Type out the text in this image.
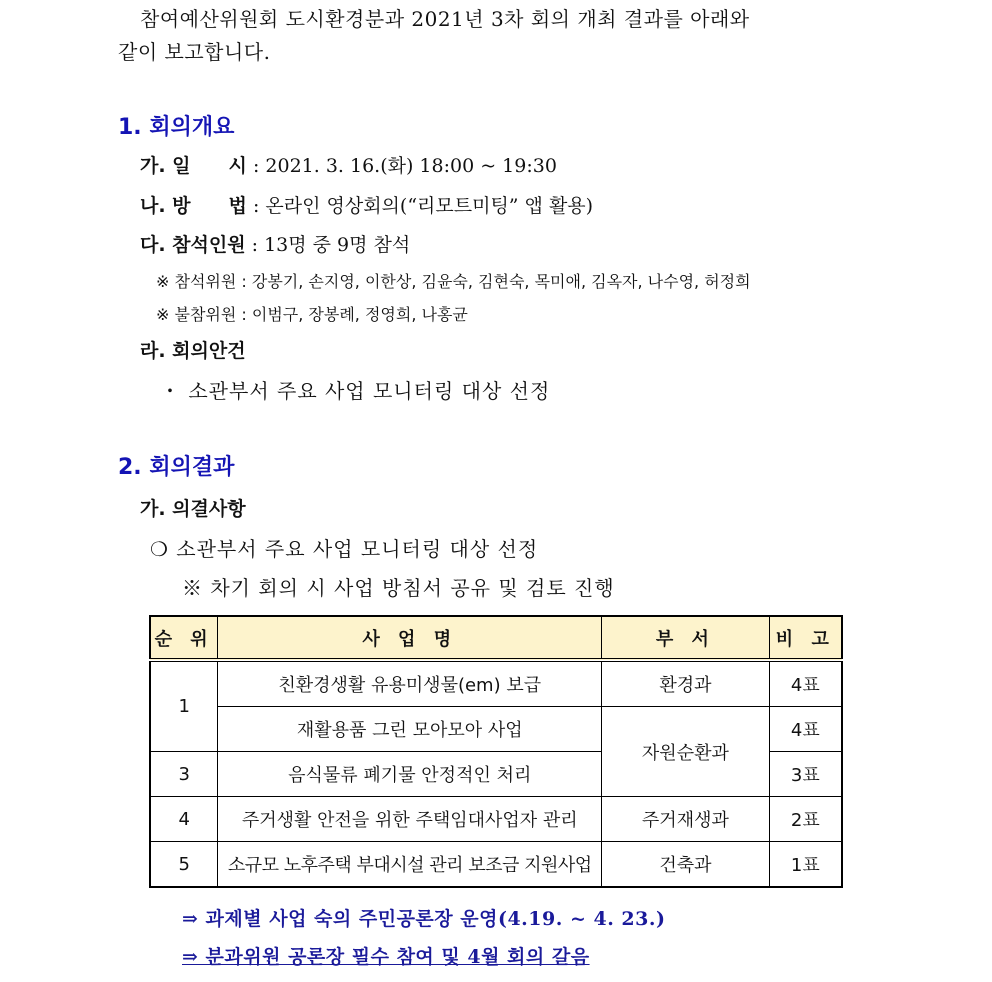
참여예산위원회 도시환경분과 2021년 3차 회의 개최 결과를 아래와
같이 보고합니다.
1. 회의개요
가. 일　　시 : 2021. 3. 16.(화) 18:00 ~ 19:30
나. 방　　법 : 온라인 영상회의(“리모트미팅” 앱 활용)
다. 참석인원 : 13명 중 9명 참석
※ 참석위원 : 강봉기, 손지영, 이한상, 김윤숙, 김현숙, 목미애, 김옥자, 나수영, 허정희
※ 불참위원 : 이범구, 장봉례, 정영희, 나홍균
라. 회의안건
・ 소관부서 주요 사업 모니터링 대상 선정
2. 회의결과
가. 의결사항
❍ 소관부서 주요 사업 모니터링 대상 선정
※ 차기 회의 시 사업 방침서 공유 및 검토 진행
순 위	사 업 명	부 서	비 고
1	친환경생활 유용미생물(em) 보급	환경과	4표
	재활용품 그린 모아모아 사업	자원순환과	4표
3	음식물류 폐기물 안정적인 처리		3표
4	주거생활 안전을 위한 주택임대사업자 관리	주거재생과	2표
5	소규모 노후주택 부대시설 관리 보조금 지원사업	건축과	1표
⇒ 과제별 사업 숙의 주민공론장 운영(4.19. ~ 4. 23.)
⇒ 분과위원 공론장 필수 참여 및 4월 회의 갈음
